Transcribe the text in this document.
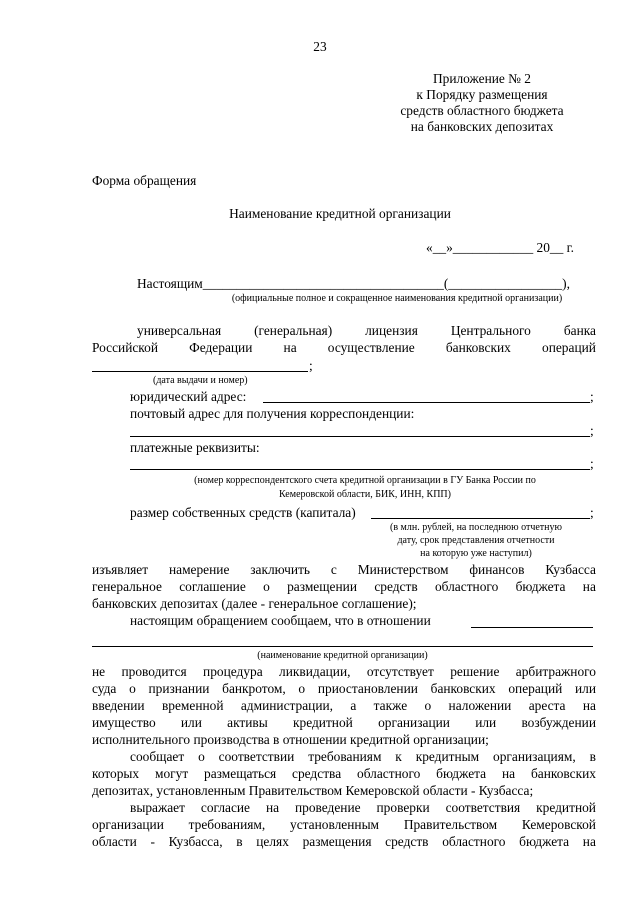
23
Приложение № 2
к Порядку размещения
средств областного бюджета
на банковских депозитах
Форма обращения
Наименование кредитной организации
«__»____________ 20__ г.
Настоящим____________________________________(_________________),
(официальные полное и сокращенное наименования кредитной организации)
универсальная (генеральная) лицензия Центрального банка
Российской Федерации на осуществление банковских операций
;
(дата выдачи и номер)
юридический адрес:	;
почтовый адрес для получения корреспонденции:
;
платежные реквизиты:
;
(номер корреспондентского счета кредитной организации в ГУ Банка России по
Кемеровской области, БИК, ИНН, КПП)
размер собственных средств (капитала)	;
(в млн. рублей, на последнюю отчетную
дату, срок представления отчетности
на которую уже наступил)
изъявляет намерение заключить с Министерством финансов Кузбасса
генеральное соглашение о размещении средств областного бюджета на
банковских депозитах (далее - генеральное соглашение);
настоящим обращением сообщаем, что в отношении
(наименование кредитной организации)
не проводится процедура ликвидации, отсутствует решение арбитражного
суда о признании банкротом, о приостановлении банковских операций или
введении временной администрации, а также о наложении ареста на
имущество или активы кредитной организации или возбуждении
исполнительного производства в отношении кредитной организации;
сообщает о соответствии требованиям к кредитным организациям, в
которых могут размещаться средства областного бюджета на банковских
депозитах, установленным Правительством Кемеровской области - Кузбасса;
выражает согласие на проведение проверки соответствия кредитной
организации требованиям, установленным Правительством Кемеровской
области - Кузбасса, в целях размещения средств областного бюджета на
